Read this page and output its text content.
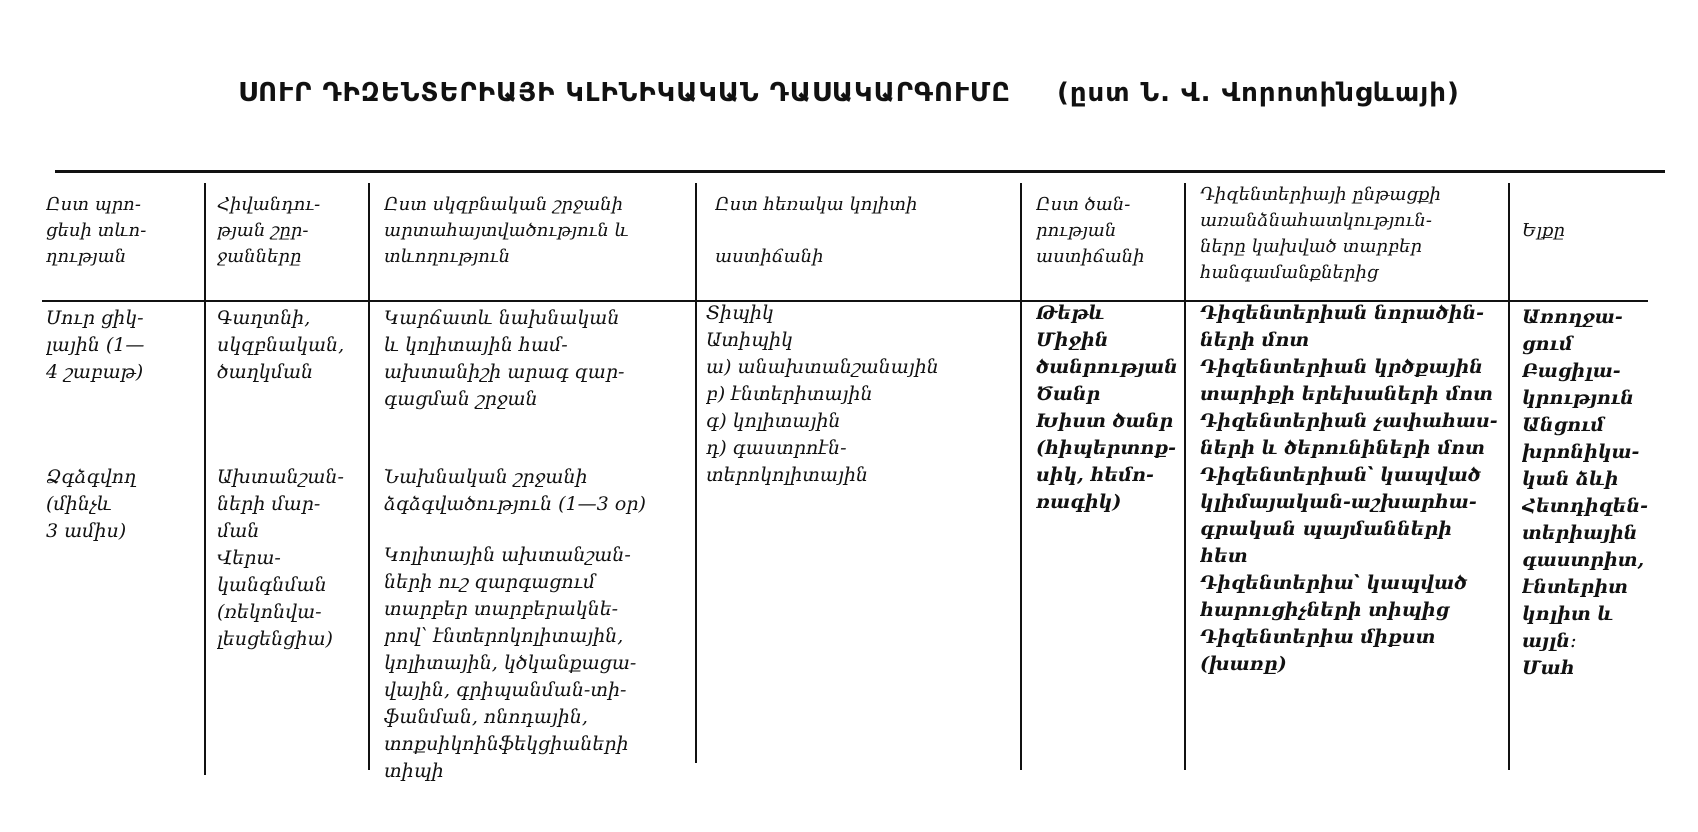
ՍՈՒՐ ԴԻԶԵՆՏԵՐԻԱՅԻ ԿԼԻՆԻԿԱԿԱՆ ԴԱՍԱԿԱՐԳՈՒՄԸ (ըստ Ն. Վ. Վորոտինցևայի)
Ըստ պրո-
ցեսի տևո-
ղության
Հիվանդու-
թյան շըր-
ջանները
Ըստ սկզբնական շրջանի
արտահայտվածություն և
տևողություն
Ըստ հեռակա կոլիտի

աստիճանի
Ըստ ծան-
րության
աստիճանի
Դիզենտերիայի ընթացքի
առանձնահատկություն-
ները կախված տարբեր
հանգամանքներից
Ելքը
Սուր ցիկ-
լային (1—
4 շաբաթ)
Ձգձգվող
(մինչև
3 ամիս)
Գաղտնի,
սկզբնական,
ծաղկման
Ախտանշան-
ների մար-
ման
Վերա-
կանգնման
(ռեկոնվա-
լեսցենցիա)
Կարճատև նախնական
և կոլիտային համ-
ախտանիշի արագ զար-
գացման շրջան
Նախնական շրջանի
ձգձգվածություն (1—3 օր)
Կոլիտային ախտանշան-
ների ուշ զարգացում
տարբեր տարբերակնե-
րով՝ էնտերոկոլիտային,
կոլիտային, կծկանքացա-
վային, գրիպանման-տի-
ֆանման, ոնոդային,
տոքսիկոինֆեկցիաների
տիպի
Տիպիկ
Ատիպիկ
ա) անախտանշանային
բ) էնտերիտային
գ) կոլիտային
դ) գաստրոէն-
տերոկոլիտային
Թեթև
Միջին
ծանրության
Ծանր
Խիստ ծանր
(հիպերտոք-
սիկ, հեմո-
ռագիկ)
Դիզենտերիան նորածին-
ների մոտ
Դիզենտերիան կրծքային
տարիքի երեխաների մոտ
Դիզենտերիան չափահաս-
ների և ծերունիների մոտ
Դիզենտերիան՝ կապված
կլիմայական-աշխարհա-
գրական պայմանների
հետ
Դիզենտերիա՝ կապված
հարուցիչների տիպից
Դիզենտերիա միքստ
(խառը)
Առողջա-
ցում
Բացիլա-
կրություն
Անցում
խրոնիկա-
կան ձևի
Հետդիզեն-
տերիային
գաստրիտ,
էնտերիտ
կոլիտ և
այլն։
Մահ
